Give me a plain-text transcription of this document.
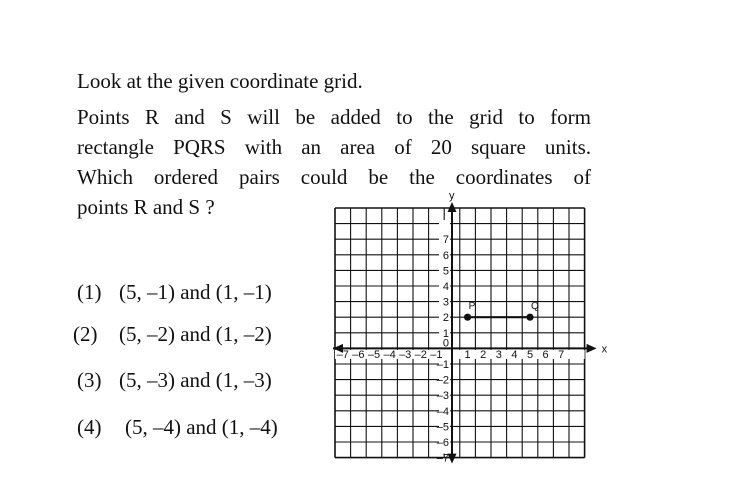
Look at the given coordinate grid.
Points R and S will be added to the grid to form
rectangle PQRS with an area of 20 square units.
Which ordered pairs could be the coordinates of
points R and S ?
(1) (5, –1) and (1, –1)
(2) (5, –2) and (1, –2)
(3) (5, –3) and (1, –3)
(4) (5, –4) and (1, –4)
x
y
–7 –6 –5 –4 –3 –2 –1 1 2 3 4 5 6 7
7
6
5
4
3
2
1
–1
–2
–3
–4
–5
–6
–7
0
P	Q
